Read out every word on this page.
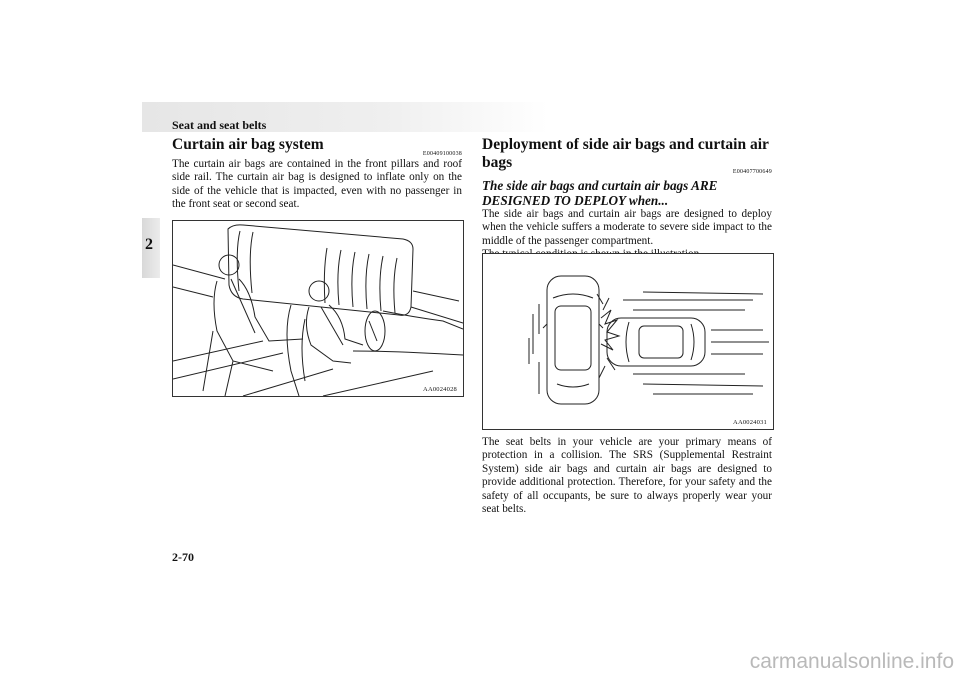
Seat and seat belts
2
Curtain air bag system
E00409100038

The curtain air bags are contained in the front pillars and roof side rail. The curtain air bag is designed to inflate only on the side of the vehicle that is impacted, even with no passenger in the front seat or second seat.

AA0024028
Deployment of side air bags and curtain air bags
E00407700649
The side air bags and curtain air bags ARE DESIGNED TO DEPLOY when...

The side air bags and curtain air bags are designed to deploy when the vehicle suffers a moderate to severe side impact to the middle of the passenger compartment.

AA0024031

The seat belts in your vehicle are your primary means of protection in a collision. The SRS (Supplemental Restraint System) side air bags and curtain air bags are designed to provide additional protection. Therefore, for your safety and the safety of all occupants, be sure to always properly wear your seat belts.

2-70
carmanualsonline.info
